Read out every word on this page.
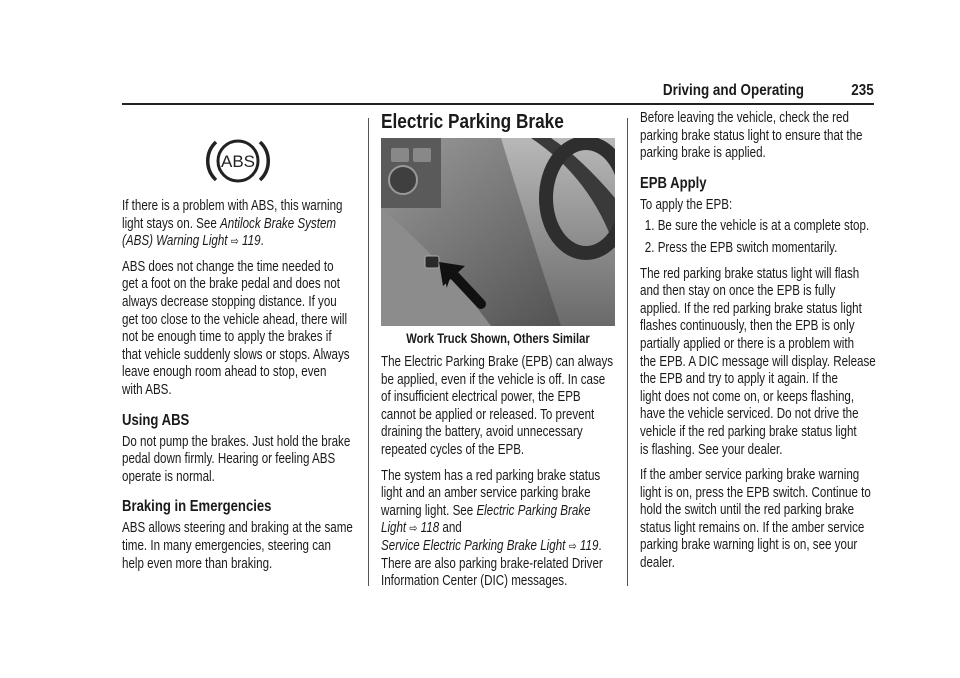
Driving and Operating	235
ABS
If there is a problem with ABS, this warning
light stays on. See Antilock Brake System
(ABS) Warning Light ⇨ 119.
ABS does not change the time needed to
get a foot on the brake pedal and does not
always decrease stopping distance. If you
get too close to the vehicle ahead, there will
not be enough time to apply the brakes if
that vehicle suddenly slows or stops. Always
leave enough room ahead to stop, even
with ABS.
Using ABS
Do not pump the brakes. Just hold the brake
pedal down firmly. Hearing or feeling ABS
operate is normal.
Braking in Emergencies
ABS allows steering and braking at the same
time. In many emergencies, steering can
help even more than braking.
Electric Parking Brake
Work Truck Shown, Others Similar
The Electric Parking Brake (EPB) can always
be applied, even if the vehicle is off. In case
of insufficient electrical power, the EPB
cannot be applied or released. To prevent
draining the battery, avoid unnecessary
repeated cycles of the EPB.
The system has a red parking brake status
light and an amber service parking brake
warning light. See Electric Parking Brake
Light ⇨ 118 and
Service Electric Parking Brake Light ⇨ 119.
There are also parking brake-related Driver
Information Center (DIC) messages.
Before leaving the vehicle, check the red
parking brake status light to ensure that the
parking brake is applied.
EPB Apply
To apply the EPB:
1. Be sure the vehicle is at a complete stop.
2. Press the EPB switch momentarily.
The red parking brake status light will flash
and then stay on once the EPB is fully
applied. If the red parking brake status light
flashes continuously, then the EPB is only
partially applied or there is a problem with
the EPB. A DIC message will display. Release
the EPB and try to apply it again. If the
light does not come on, or keeps flashing,
have the vehicle serviced. Do not drive the
vehicle if the red parking brake status light
is flashing. See your dealer.
If the amber service parking brake warning
light is on, press the EPB switch. Continue to
hold the switch until the red parking brake
status light remains on. If the amber service
parking brake warning light is on, see your
dealer.
